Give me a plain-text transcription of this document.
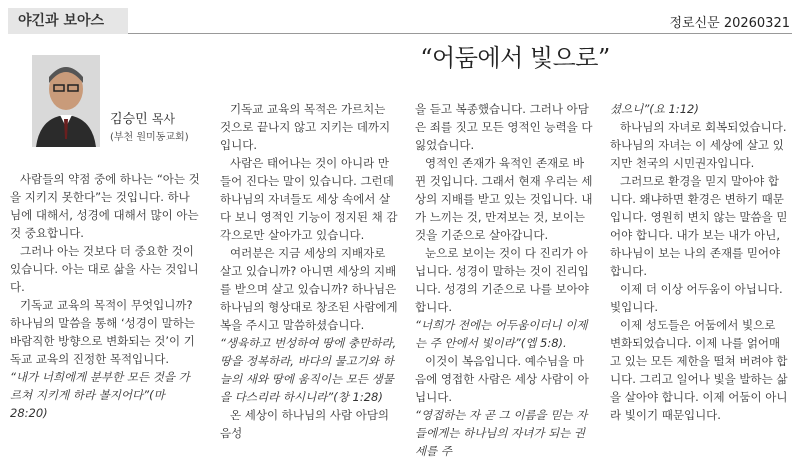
야긴과 보아스	정로신문 20260321
“어둠에서 빛으로”
김승민 목사
(부천 원미동교회)

사람들의 약점 중에 하나는 “아는 것을 지키지 못한다”는 것입니다. 하나님에 대해서, 성경에 대해서 많이 아는 것 중요합니다.

그러나 아는 것보다 더 중요한 것이 있습니다. 아는 대로 삶을 사는 것입니다.

기독교 교육의 목적이 무엇입니까? 하나님의 말씀을 통해 ‘성경이 말하는 바람직한 방향으로 변화되는 것’이 기독교 교육의 진정한 목적입니다.

“내가 너희에게 분부한 모든 것을 가르쳐 지키게 하라 볼지어다”(마 28:20)

기독교 교육의 목적은 가르치는 것으로 끝나지 않고 지키는 데까지입니다.

사람은 태어나는 것이 아니라 만들어 진다는 말이 있습니다. 그런데 하나님의 자녀들도 세상 속에서 살다 보니 영적인 기능이 정지된 채 감각으로만 살아가고 있습니다.

여러분은 지금 세상의 지배자로 살고 있습니까? 아니면 세상의 지배를 받으며 살고 있습니까? 하나님은 하나님의 형상대로 창조된 사람에게 복을 주시고 말씀하셨습니다.

“생육하고 번성하여 땅에 충만하라, 땅을 정복하라, 바다의 물고기와 하늘의 새와 땅에 움직이는 모든 생물을 다스리라 하시니라”(창 1:28)

온 세상이 하나님의 사람 아담의 음성

을 듣고 복종했습니다. 그러나 아담은 죄를 짓고 모든 영적인 능력을 다 잃었습니다.

영적인 존재가 육적인 존재로 바뀐 것입니다. 그래서 현재 우리는 세상의 지배를 받고 있는 것입니다. 내가 느끼는 것, 만져보는 것, 보이는 것을 기준으로 살아갑니다.

눈으로 보이는 것이 다 진리가 아닙니다. 성경이 말하는 것이 진리입니다. 성경의 기준으로 나를 보아야 합니다.

“너희가 전에는 어두움이더니 이제는 주 안에서 빛이라”(엡 5:8).

이것이 복음입니다. 예수님을 마음에 영접한 사람은 세상 사람이 아닙니다.

“영접하는 자 곧 그 이름을 믿는 자들에게는 하나님의 자녀가 되는 권세를 주

셨으니”(요 1:12)

하나님의 자녀로 회복되었습니다. 하나님의 자녀는 이 세상에 살고 있지만 천국의 시민권자입니다.

그러므로 환경을 믿지 말아야 합니다. 왜냐하면 환경은 변하기 때문입니다. 영원히 변치 않는 말씀을 믿어야 합니다. 내가 보는 내가 아닌, 하나님이 보는 나의 존재를 믿어야 합니다.

이제 더 이상 어두움이 아닙니다. 빛입니다.

이제 성도들은 어둠에서 빛으로 변화되었습니다. 이제 나를 얽어매고 있는 모든 제한을 떨쳐 버려야 합니다. 그리고 일어나 빛을 발하는 삶을 살아야 합니다. 이제 어둠이 아니라 빛이기 때문입니다.
